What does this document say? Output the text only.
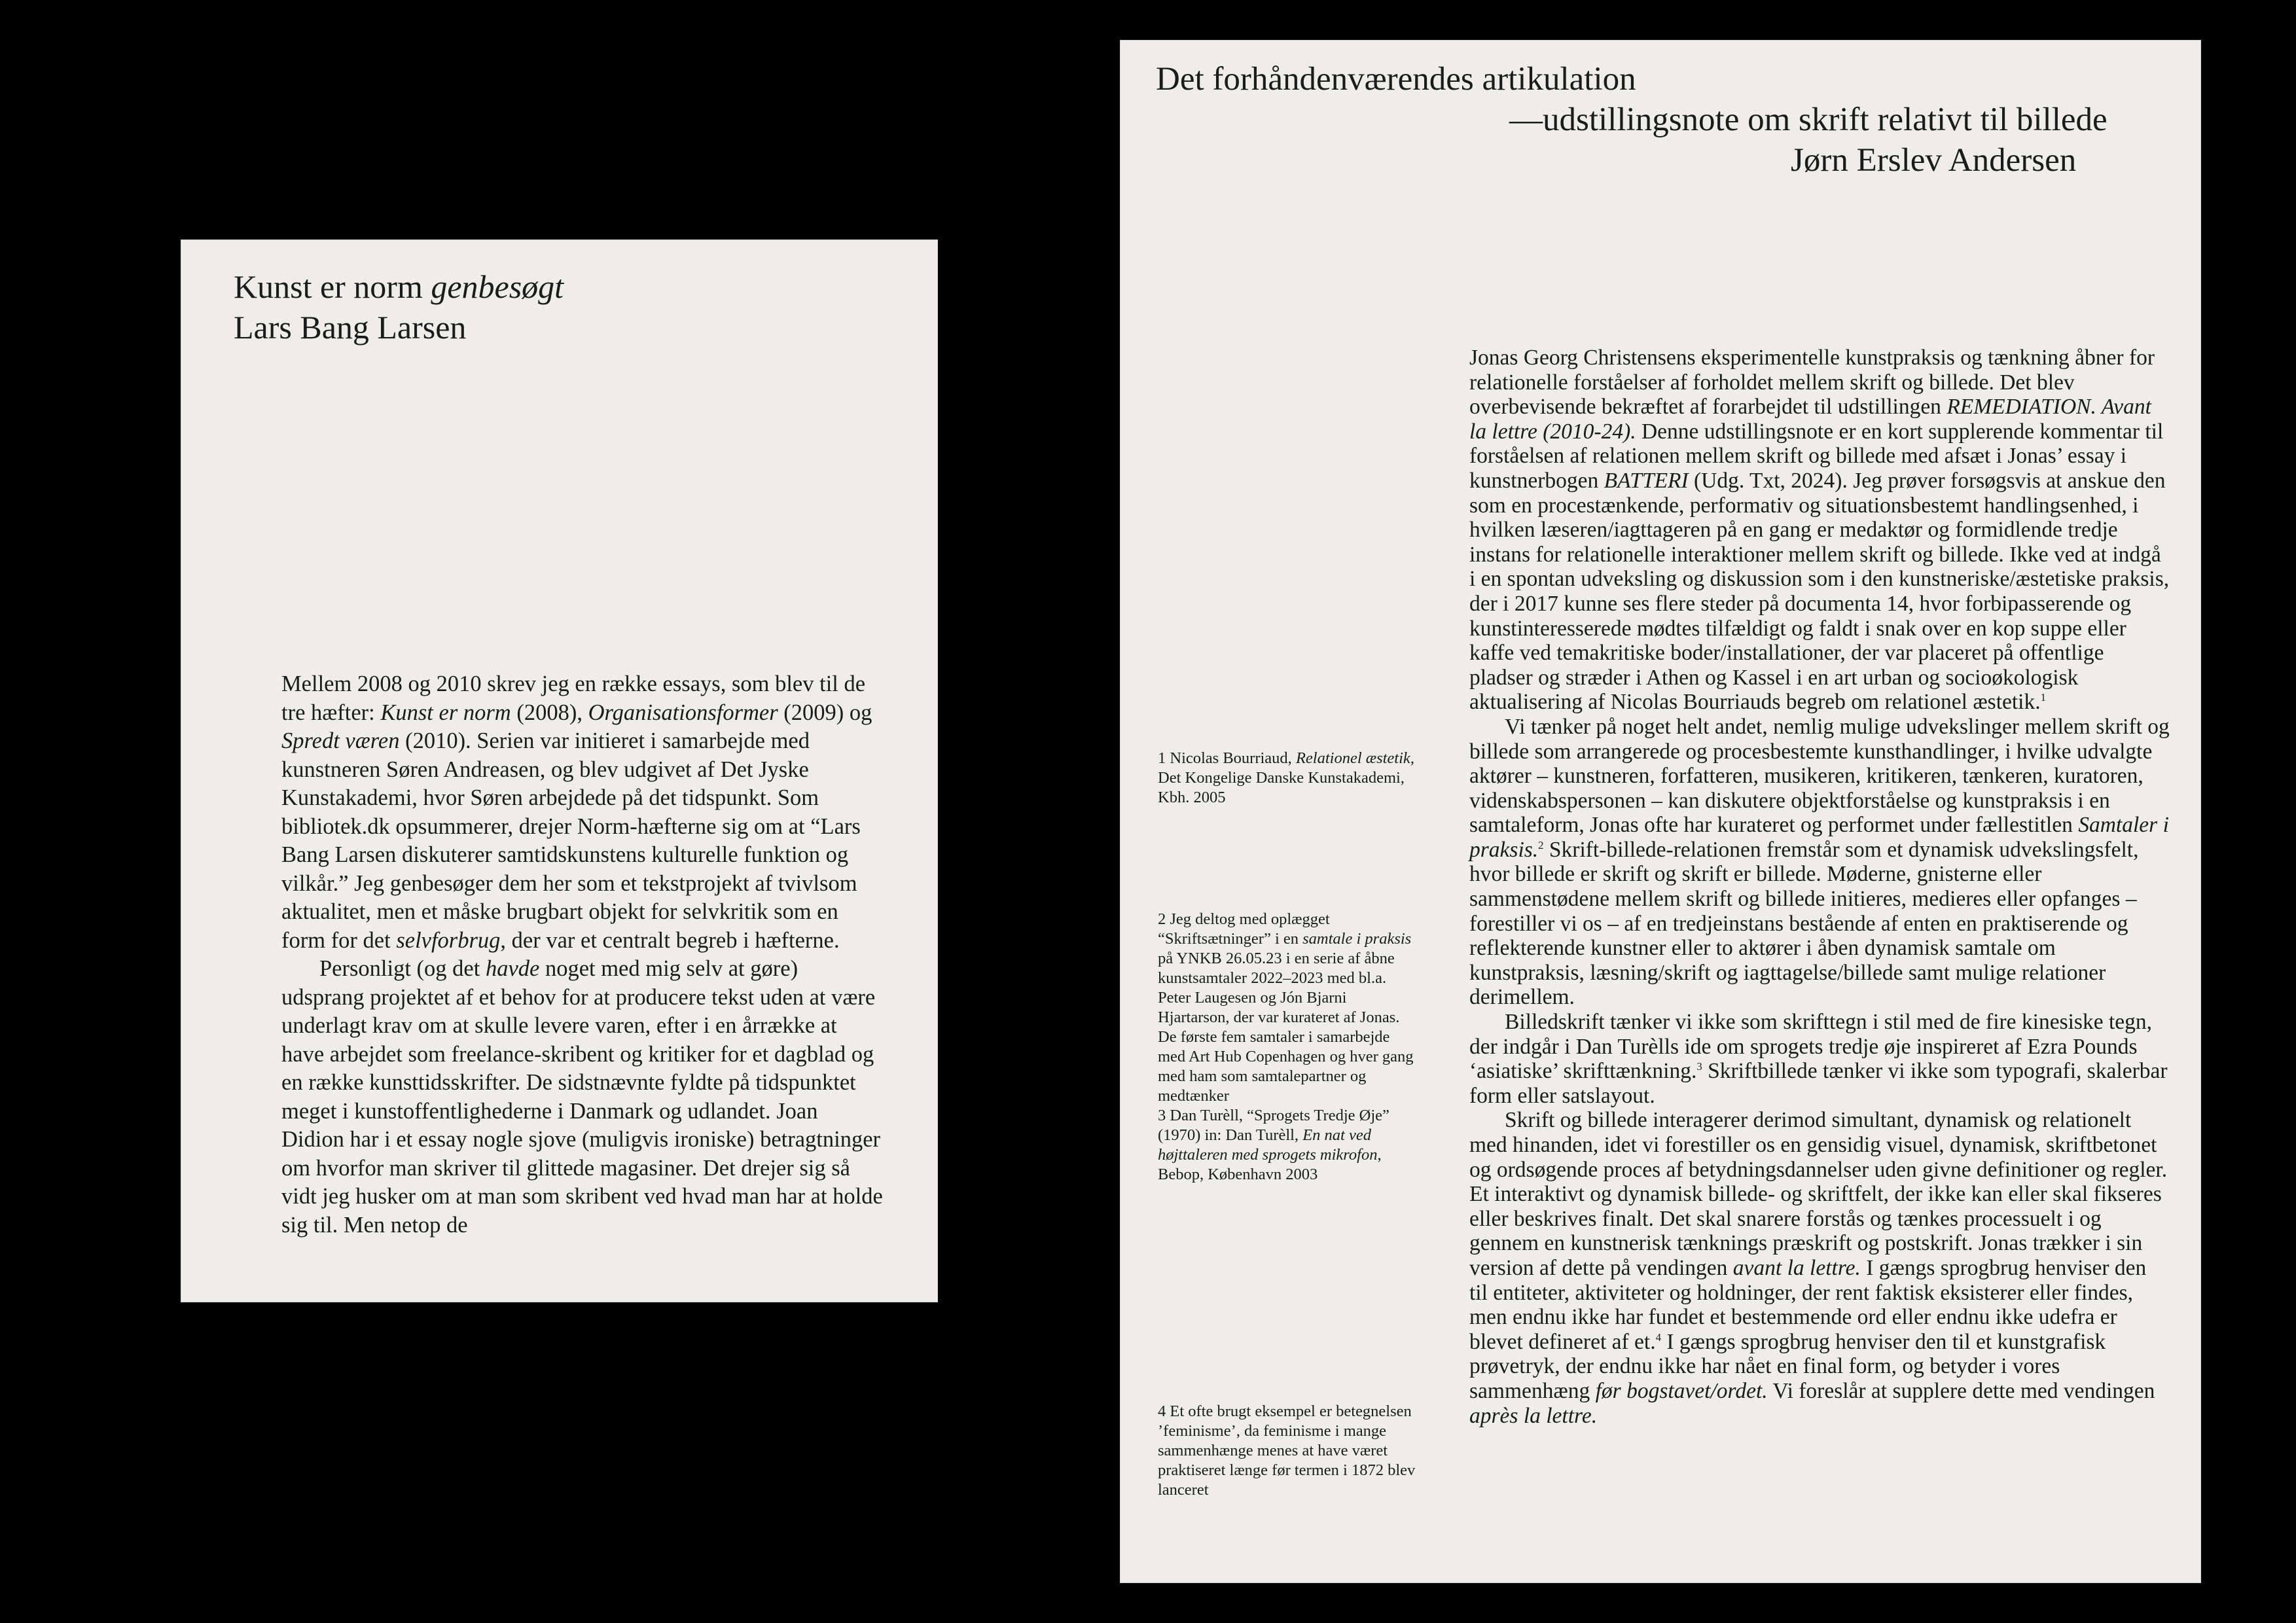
Kunst er norm genbesøgt
Lars Bang Larsen

Mellem 2008 og 2010 skrev jeg en række essays, som blev til de tre hæfter: Kunst er norm (2008), Organisationsformer (2009) og Spredt væren (2010). Serien var initieret i samarbejde med kunstneren Søren Andreasen, og blev udgivet af Det Jyske Kunstakademi, hvor Søren arbejdede på det tidspunkt. Som bibliotek.dk opsummerer, drejer Norm-hæfterne sig om at “Lars Bang Larsen diskuterer samtidskunstens kulturelle funktion og vilkår.” Jeg genbesøger dem her som et tekstprojekt af tvivlsom aktualitet, men et måske brugbart objekt for selvkritik som en form for det selvforbrug, der var et centralt begreb i hæfterne.

Personligt (og det havde noget med mig selv at gøre) udsprang projektet af et behov for at producere tekst uden at være underlagt krav om at skulle levere varen, efter i en årrække at have arbejdet som freelance-skribent og kritiker for et dagblad og en række kunsttidsskrifter. De sidstnævnte fyldte på tidspunktet meget i kunstoffentlighederne i Danmark og udlandet. Joan Didion har i et essay nogle sjove (muligvis ironiske) betragtninger om hvorfor man skriver til glittede magasiner. Det drejer sig så vidt jeg husker om at man som skribent ved hvad man har at holde sig til. Men netop de

Det forhåndenværendes artikulation
—udstillingsnote om skrift relativt til billede
Jørn Erslev Andersen

1 Nicolas Bourriaud, Relationel æstetik, Det Kongelige Danske Kunstakademi, Kbh. 2005

2 Jeg deltog med oplægget “Skriftsætninger” i en samtale i praksis på YNKB 26.05.23 i en serie af åbne kunstsamtaler 2022–2023 med bl.a. Peter Laugesen og Jón Bjarni Hjartarson, der var kurateret af Jonas. De første fem samtaler i samarbejde med Art Hub Copenhagen og hver gang med ham som samtalepartner og medtænker

3 Dan Turèll, “Sprogets Tredje Øje” (1970) in: Dan Turèll, En nat ved højttaleren med sprogets mikrofon, Bebop, København 2003

4 Et ofte brugt eksempel er betegnelsen ’feminisme’, da feminisme i mange sammenhænge menes at have været praktiseret længe før termen i 1872 blev lanceret

Jonas Georg Christensens eksperimentelle kunstpraksis og tænkning åbner for relationelle forståelser af forholdet mellem skrift og billede. Det blev overbevisende bekræftet af forarbejdet til udstillingen REMEDIATION. Avant la lettre (2010-24). Denne udstillingsnote er en kort supplerende kommentar til forståelsen af relationen mellem skrift og billede med afsæt i Jonas’ essay i kunstnerbogen BATTERI (Udg. Txt, 2024). Jeg prøver forsøgsvis at anskue den som en procestænkende, performativ og situationsbestemt handlingsenhed, i hvilken læseren/iagttageren på en gang er medaktør og formidlende tredje instans for relationelle interaktioner mellem skrift og billede. Ikke ved at indgå i en spontan udveksling og diskussion som i den kunstneriske/æstetiske praksis, der i 2017 kunne ses flere steder på documenta 14, hvor forbipasserende og kunstinteresserede mødtes tilfældigt og faldt i snak over en kop suppe eller kaffe ved temakritiske boder/installationer, der var placeret på offentlige pladser og stræder i Athen og Kassel i en art urban og socioøkologisk aktualisering af Nicolas Bourriauds begreb om relationel æstetik.$^1$

Vi tænker på noget helt andet, nemlig mulige udvekslinger mellem skrift og billede som arrangerede og procesbestemte kunsthandlinger, i hvilke udvalgte aktører – kunstneren, forfatteren, musikeren, kritikeren, tænkeren, kuratoren, videnskabspersonen – kan diskutere objektforståelse og kunstpraksis i en samtaleform, Jonas ofte har kurateret og performet under fællestitlen Samtaler i praksis.$^2$ Skrift-billede-relationen fremstår som et dynamisk udvekslingsfelt, hvor billede er skrift og skrift er billede. Møderne, gnisterne eller sammenstødene mellem skrift og billede initieres, medieres eller opfanges – forestiller vi os – af en tredjeinstans bestående af enten en praktiserende og reflekterende kunstner eller to aktører i åben dynamisk samtale om kunstpraksis, læsning/skrift og iagttagelse/billede samt mulige relationer derimellem.

Billedskrift tænker vi ikke som skrifttegn i stil med de fire kinesiske tegn, der indgår i Dan Turèlls ide om sprogets tredje øje inspireret af Ezra Pounds ‘asiatiske’ skrifttænkning.$^3$ Skriftbillede tænker vi ikke som typografi, skalerbar form eller satslayout.

Skrift og billede interagerer derimod simultant, dynamisk og relationelt med hinanden, idet vi forestiller os en gensidig visuel, dynamisk, skriftbetonet og ordsøgende proces af betydningsdannelser uden givne definitioner og regler. Et interaktivt og dynamisk billede- og skriftfelt, der ikke kan eller skal fikseres eller beskrives finalt. Det skal snarere forstås og tænkes processuelt i og gennem en kunstnerisk tænknings præskrift og postskrift. Jonas trækker i sin version af dette på vendingen avant la lettre. I gængs sprogbrug henviser den til entiteter, aktiviteter og holdninger, der rent faktisk eksisterer eller findes, men endnu ikke har fundet et bestemmende ord eller endnu ikke udefra er blevet defineret af et.$^4$ I gængs sprogbrug henviser den til et kunstgrafisk prøvetryk, der endnu ikke har nået en final form, og betyder i vores sammenhæng før bogstavet/ordet. Vi foreslår at supplere dette med vendingen après la lettre.
